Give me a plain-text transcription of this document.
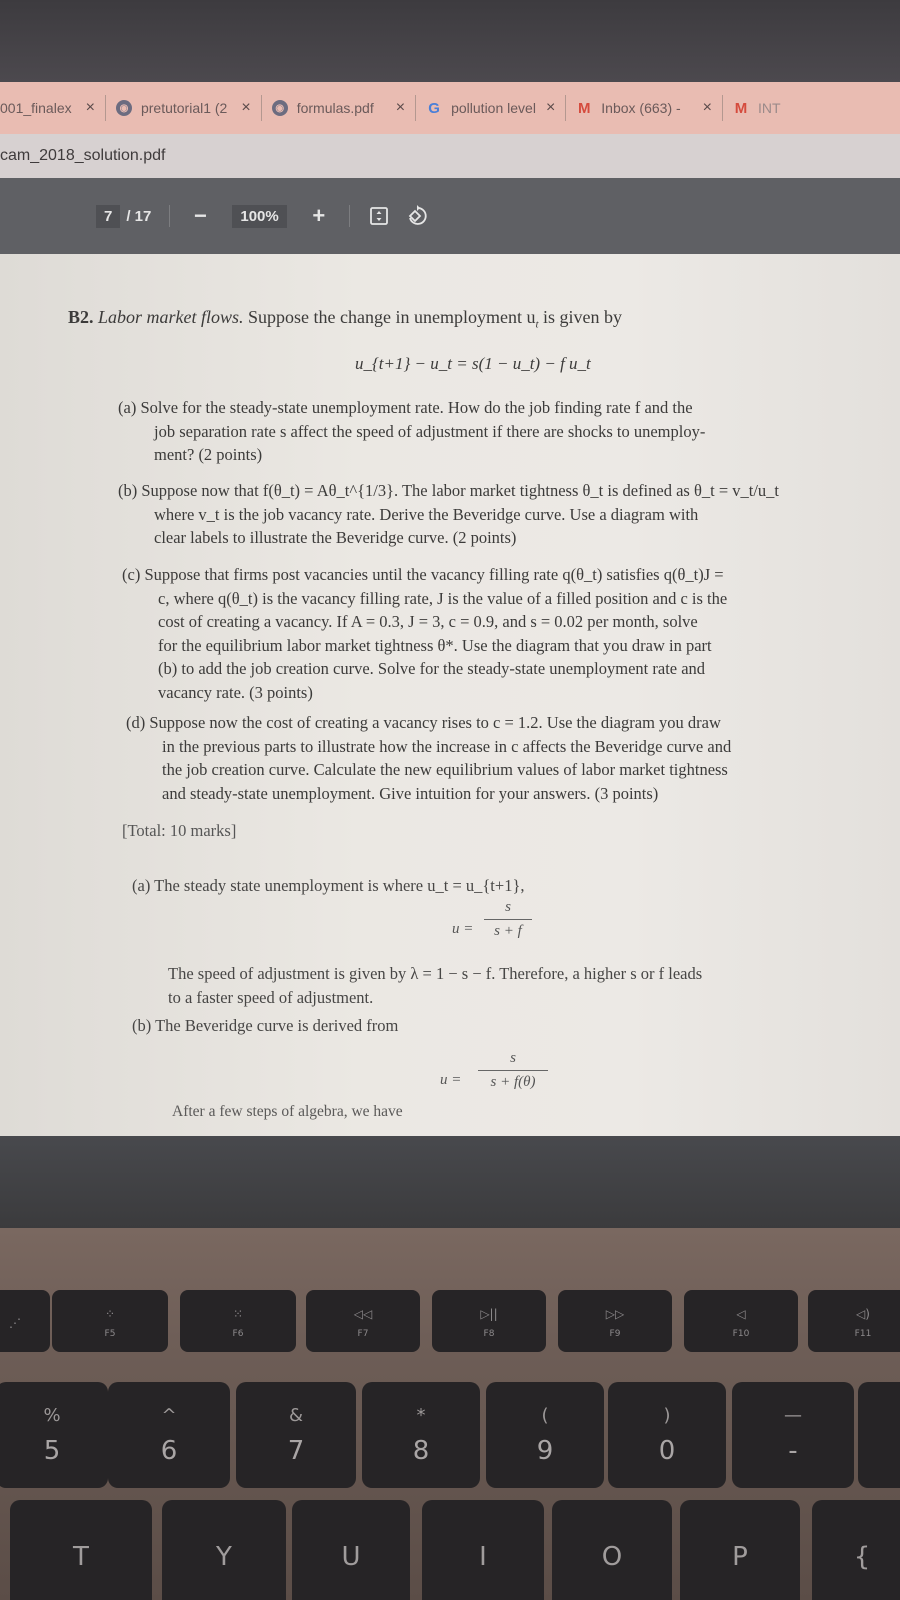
001_finalex ×	◉ pretutorial1 (2 ×	◉ formulas.pdf × G pollution level × M Inbox (663) - × M INT
cam_2018_solution.pdf
7 / 17 −	100%	+
B2. Labor market flows. Suppose the change in unemployment $u_t$ is given by
u_{t+1} − u_t = s(1 − u_t) − f u_t
(a) Solve for the steady-state unemployment rate. How do the job finding rate f and the
job separation rate s affect the speed of adjustment if there are shocks to unemploy-
ment? (2 points)
(b) Suppose now that f(θ_t) = Aθ_t^{1/3}. The labor market tightness θ_t is defined as θ_t = v_t/u_t
where v_t is the job vacancy rate. Derive the Beveridge curve. Use a diagram with
clear labels to illustrate the Beveridge curve. (2 points)
(c) Suppose that firms post vacancies until the vacancy filling rate q(θ_t) satisfies q(θ_t)J =
c, where q(θ_t) is the vacancy filling rate, J is the value of a filled position and c is the
cost of creating a vacancy. If A = 0.3, J = 3, c = 0.9, and s = 0.02 per month, solve
for the equilibrium labor market tightness θ*. Use the diagram that you draw in part
(b) to add the job creation curve. Solve for the steady-state unemployment rate and
vacancy rate. (3 points)
(d) Suppose now the cost of creating a vacancy rises to c = 1.2. Use the diagram you draw
in the previous parts to illustrate how the increase in c affects the Beveridge curve and
the job creation curve. Calculate the new equilibrium values of labor market tightness
and steady-state unemployment. Give intuition for your answers. (3 points)
[Total: 10 marks]
(a) The steady state unemployment is where u_t = u_{t+1},
u =
s
s + f
The speed of adjustment is given by λ = 1 − s − f. Therefore, a higher s or f leads
to a faster speed of adjustment.
(b) The Beveridge curve is derived from
u =
s
s + f(θ)
After a few steps of algebra, we have
⋰
⁘
F5
⁙
F6
◁◁
F7
▷||
F8
▷▷
F9
◁
F10
◁)
F11
%
5
^
6
&
7
*
8
(
9
)
0
—
-
T	Y	U	I	O	P	{
